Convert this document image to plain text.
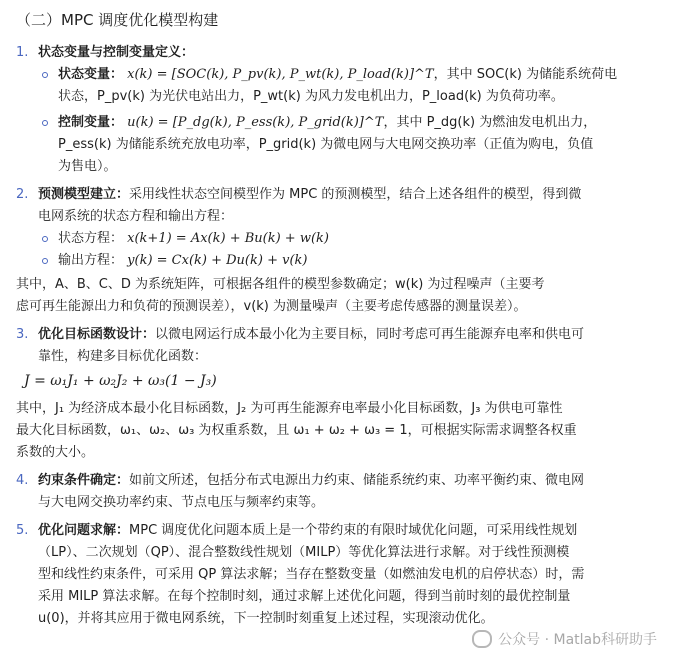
（二）MPC 调度优化模型构建
1. 状态变量与控制变量定义：
状态变量： x(k) = [SOC(k), P_pv(k), P_wt(k), P_load(k)]^T，其中 SOC(k) 为储能系统荷电
状态，P_pv(k) 为光伏电站出力，P_wt(k) 为风力发电机出力，P_load(k) 为负荷功率。
控制变量： u(k) = [P_dg(k), P_ess(k), P_grid(k)]^T，其中 P_dg(k) 为燃油发电机出力，
P_ess(k) 为储能系统充放电功率，P_grid(k) 为微电网与大电网交换功率（正值为购电，负值
为售电）。
2. 预测模型建立：采用线性状态空间模型作为 MPC 的预测模型，结合上述各组件的模型，得到微
电网系统的状态方程和输出方程：
状态方程： x(k+1) = Ax(k) + Bu(k) + w(k)
输出方程： y(k) = Cx(k) + Du(k) + v(k)
其中，A、B、C、D 为系统矩阵，可根据各组件的模型参数确定；w(k) 为过程噪声（主要考
虑可再生能源出力和负荷的预测误差），v(k) 为测量噪声（主要考虑传感器的测量误差）。
3. 优化目标函数设计：以微电网运行成本最小化为主要目标，同时考虑可再生能源弃电率和供电可
靠性，构建多目标优化函数：
J = ω₁J₁ + ω₂J₂ + ω₃(1 − J₃)
其中，J₁ 为经济成本最小化目标函数，J₂ 为可再生能源弃电率最小化目标函数，J₃ 为供电可靠性
最大化目标函数，ω₁、ω₂、ω₃ 为权重系数，且 ω₁ + ω₂ + ω₃ = 1，可根据实际需求调整各权重
系数的大小。
4. 约束条件确定：如前文所述，包括分布式电源出力约束、储能系统约束、功率平衡约束、微电网
与大电网交换功率约束、节点电压与频率约束等。
5. 优化问题求解：MPC 调度优化问题本质上是一个带约束的有限时域优化问题，可采用线性规划
（LP）、二次规划（QP）、混合整数线性规划（MILP）等优化算法进行求解。对于线性预测模
型和线性约束条件，可采用 QP 算法求解；当存在整数变量（如燃油发电机的启停状态）时，需
采用 MILP 算法求解。在每个控制时刻，通过求解上述优化问题，得到当前时刻的最优控制量
u(0)，并将其应用于微电网系统，下一控制时刻重复上述过程，实现滚动优化。
公众号 · Matlab科研助手
